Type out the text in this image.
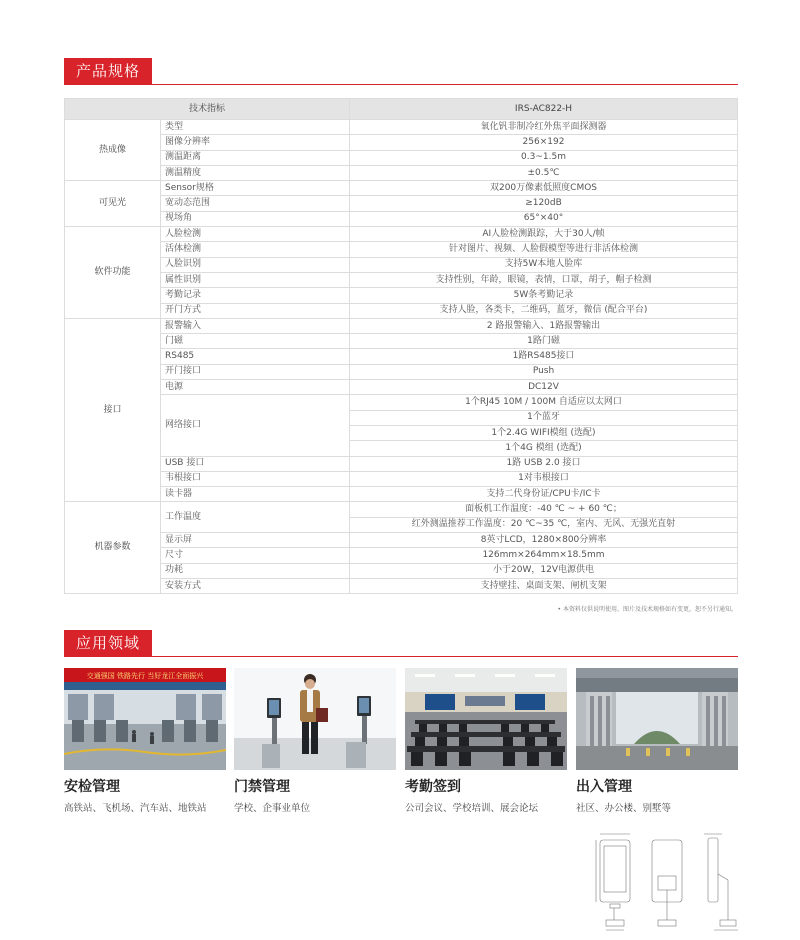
产品规格
技术指标		IRS-AC822-H
热成像	类型	氧化钒非制冷红外焦平面探测器
	图像分辨率	256×192
	测温距离	0.3~1.5m
	测温精度	±0.5℃
可见光	Sensor规格	双200万像素低照度CMOS
	宽动态范围	≥120dB
	视场角	65°×40°
软件功能	人脸检测	AI人脸检测跟踪，大于30人/帧
	活体检测	针对图片、视频、人脸假模型等进行非活体检测
	人脸识别	支持5W本地人脸库
	属性识别	支持性别，年龄，眼镜，表情，口罩，胡子，帽子检测
	考勤记录	5W条考勤记录
	开门方式	支持人脸，各类卡，二维码，蓝牙，微信 (配合平台)
接口	报警输入	2 路报警输入、1路报警输出
	门磁	1路门磁
	RS485	1路RS485接口
	开门接口	Push
	电源	DC12V
	网络接口	1个RJ45 10M / 100M 自适应以太网口
		1个蓝牙
		1个2.4G WIFI模组 (选配)
		1个4G 模组 (选配)
	USB 接口	1路 USB 2.0 接口
	韦根接口	1对韦根接口
	读卡器	支持二代身份证/CPU卡/IC卡
机器参数	工作温度	面板机工作温度：-40 ℃ ~ + 60 ℃；
		红外测温推荐工作温度：20 ℃~35 ℃，室内、无风、无强光直射
	显示屏	8英寸LCD，1280×800分辨率
	尺寸	126mm×264mm×18.5mm
	功耗	小于20W，12V电源供电
	安装方式	支持壁挂、桌面支架、闸机支架
• 本资料仅供说明使用，图片及技术规格如有变更，恕不另行通知。
应用领域
交通强国 铁路先行 当好龙江全面振兴
安检管理
高铁站、飞机场、汽车站、地铁站
门禁管理
学校、企事业单位
考勤签到
公司会议、学校培训、展会论坛
出入管理
社区、办公楼、别墅等
